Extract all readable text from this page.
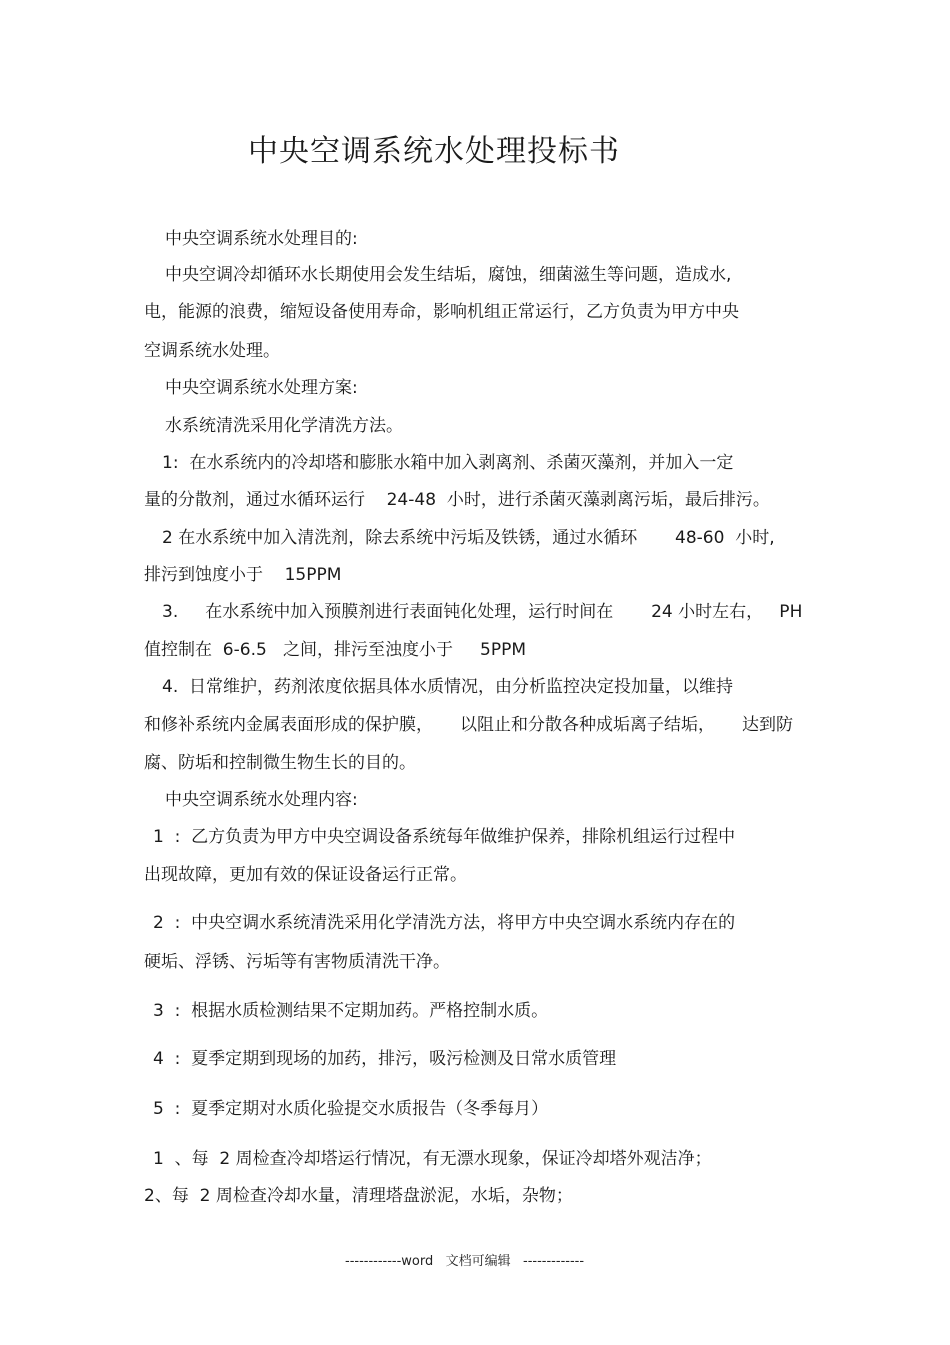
中央空调系统水处理投标书
中央空调系统水处理目的:
中央空调冷却循环水长期使用会发生结垢，腐蚀，细菌滋生等问题，造成水,
电，能源的浪费，缩短设备使用寿命，影响机组正常运行，乙方负责为甲方中央
空调系统水处理。
中央空调系统水处理方案:
水系统清洗采用化学清洗方法。
1:  在水系统内的冷却塔和膨胀水箱中加入剥离剂、杀菌灭藻剂，并加入一定
量的分散剂，通过水循环运行    24-48  小时，进行杀菌灭藻剥离污垢，最后排污。
2 在水系统中加入清洗剂，除去系统中污垢及铁锈，通过水循环       48-60  小时,
排污到蚀度小于    15PPM
3.     在水系统中加入预膜剂进行表面钝化处理，运行时间在       24 小时左右，   PH
值控制在  6-6.5   之间，排污至浊度小于     5PPM
4.  日常维护，药剂浓度依据具体水质情况，由分析监控决定投加量，以维持
和修补系统内金属表面形成的保护膜，     以阻止和分散各种成垢离子结垢，     达到防
腐、防垢和控制微生物生长的目的。
中央空调系统水处理内容:
1  :  乙方负责为甲方中央空调设备系统每年做维护保养，排除机组运行过程中
出现故障，更加有效的保证设备运行正常。
2  :  中央空调水系统清洗采用化学清洗方法，将甲方中央空调水系统内存在的
硬垢、浮锈、污垢等有害物质清洗干净。
3  :  根据水质检测结果不定期加药。严格控制水质。
4  :  夏季定期到现场的加药，排污，吸污检测及日常水质管理
5  :  夏季定期对水质化验提交水质报告（冬季每月）
1  、每  2 周检查冷却塔运行情况，有无漂水现象，保证冷却塔外观洁净；
2、每  2 周检查冷却水量，清理塔盘淤泥，水垢，杂物；
------------word   文档可编辑   -------------
